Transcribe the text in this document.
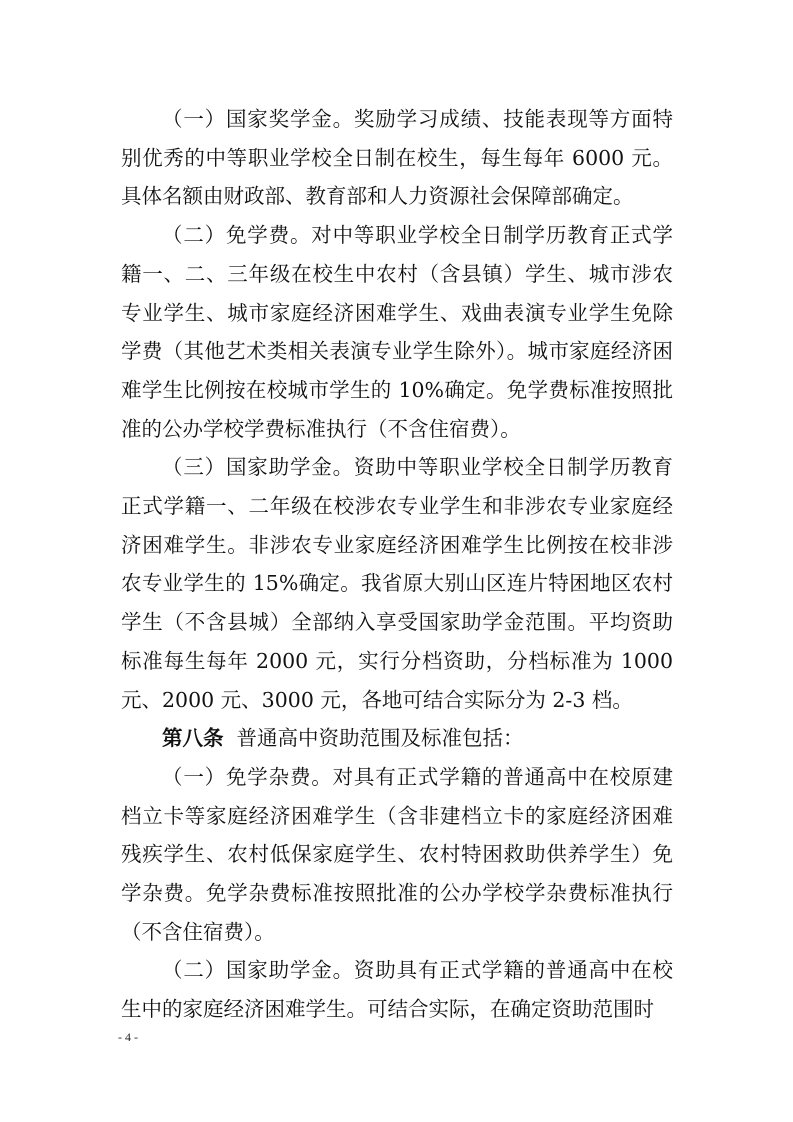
（一）国家奖学金。奖励学习成绩、技能表现等方面特别优秀的中等职业学校全日制在校生，每生每年 6000 元。具体名额由财政部、教育部和人力资源社会保障部确定。

（二）免学费。对中等职业学校全日制学历教育正式学籍一、二、三年级在校生中农村（含县镇）学生、城市涉农专业学生、城市家庭经济困难学生、戏曲表演专业学生免除学费（其他艺术类相关表演专业学生除外）。城市家庭经济困难学生比例按在校城市学生的 10%确定。免学费标准按照批准的公办学校学费标准执行（不含住宿费）。

（三）国家助学金。资助中等职业学校全日制学历教育正式学籍一、二年级在校涉农专业学生和非涉农专业家庭经济困难学生。非涉农专业家庭经济困难学生比例按在校非涉农专业学生的 15%确定。我省原大别山区连片特困地区农村学生（不含县城）全部纳入享受国家助学金范围。平均资助标准每生每年 2000 元，实行分档资助，分档标准为 1000 元、2000 元、3000 元，各地可结合实际分为 2-3 档。

第八条 普通高中资助范围及标准包括：

（一）免学杂费。对具有正式学籍的普通高中在校原建档立卡等家庭经济困难学生（含非建档立卡的家庭经济困难残疾学生、农村低保家庭学生、农村特困救助供养学生）免学杂费。免学杂费标准按照批准的公办学校学杂费标准执行（不含住宿费）。

（二）国家助学金。资助具有正式学籍的普通高中在校生中的家庭经济困难学生。可结合实际，在确定资助范围时

- 4 -
